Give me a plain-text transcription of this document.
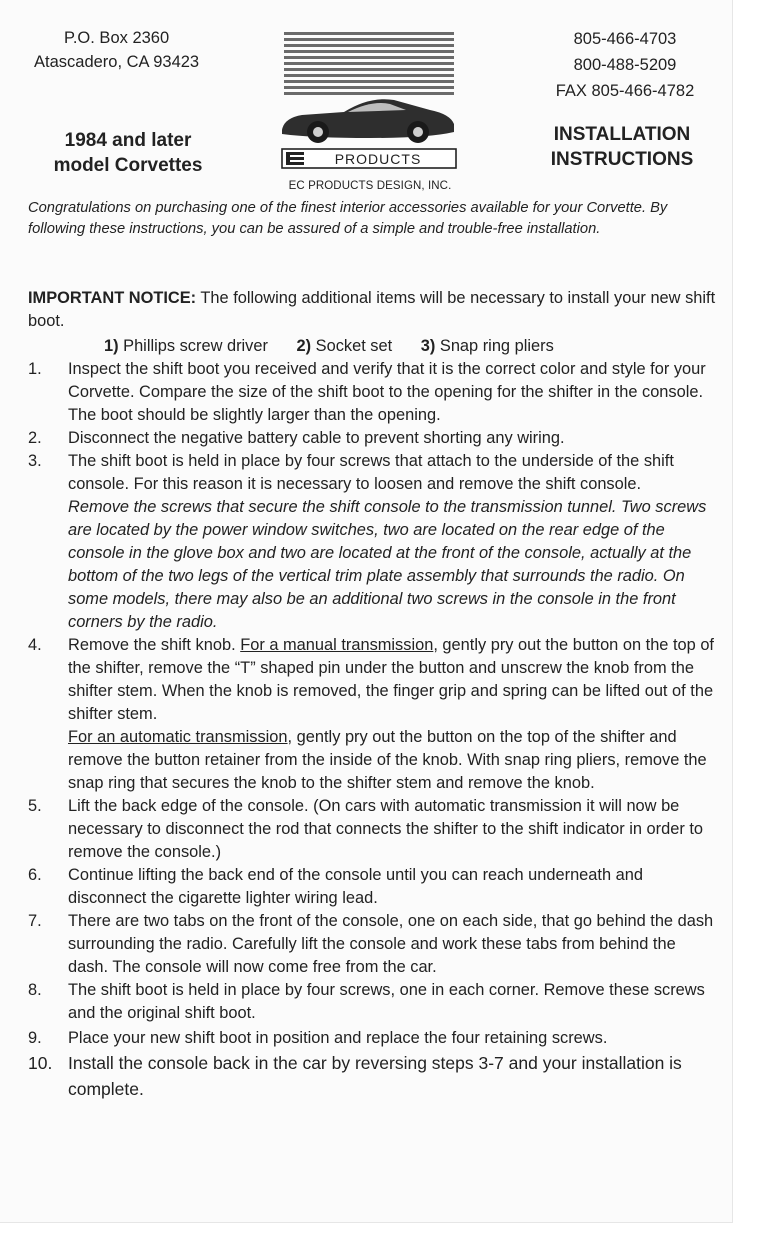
P.O. Box 2360
Atascadero, CA 93423
805-466-4703
800-488-5209
FAX 805-466-4782
1984 and later
model Corvettes
INSTALLATION
INSTRUCTIONS
PRODUCTS
EC PRODUCTS DESIGN, INC.
Congratulations on purchasing one of the finest interior accessories available for your Corvette. By following these instructions, you can be assured of a simple and trouble-free installation.
IMPORTANT NOTICE: The following additional items will be necessary to install your new shift boot.
1) Phillips screw driver 2) Socket set 3) Snap ring pliers
1.	Inspect the shift boot you received and verify that it is the correct color and style for your Corvette. Compare the size of the shift boot to the opening for the shifter in the console. The boot should be slightly larger than the opening.
2.	Disconnect the negative battery cable to prevent shorting any wiring.
3.	The shift boot is held in place by four screws that attach to the underside of the shift console. For this reason it is necessary to loosen and remove the shift console.
Remove the screws that secure the shift console to the transmission tunnel. Two screws are located by the power window switches, two are located on the rear edge of the console in the glove box and two are located at the front of the console, actually at the bottom of the two legs of the vertical trim plate assembly that surrounds the radio. On some models, there may also be an additional two screws in the console in the front corners by the radio.
4.	Remove the shift knob. For a manual transmission, gently pry out the button on the top of the shifter, remove the “T” shaped pin under the button and unscrew the knob from the shifter stem. When the knob is removed, the finger grip and spring can be lifted out of the shifter stem.
For an automatic transmission, gently pry out the button on the top of the shifter and remove the button retainer from the inside of the knob. With snap ring pliers, remove the snap ring that secures the knob to the shifter stem and remove the knob.
5.	Lift the back edge of the console. (On cars with automatic transmission it will now be necessary to disconnect the rod that connects the shifter to the shift indicator in order to remove the console.)
6.	Continue lifting the back end of the console until you can reach underneath and disconnect the cigarette lighter wiring lead.
7.	There are two tabs on the front of the console, one on each side, that go behind the dash surrounding the radio. Carefully lift the console and work these tabs from behind the dash. The console will now come free from the car.
8.	The shift boot is held in place by four screws, one in each corner. Remove these screws and the original shift boot.
9.	Place your new shift boot in position and replace the four retaining screws.
10. Install the console back in the car by reversing steps 3-7 and your installation is complete.
